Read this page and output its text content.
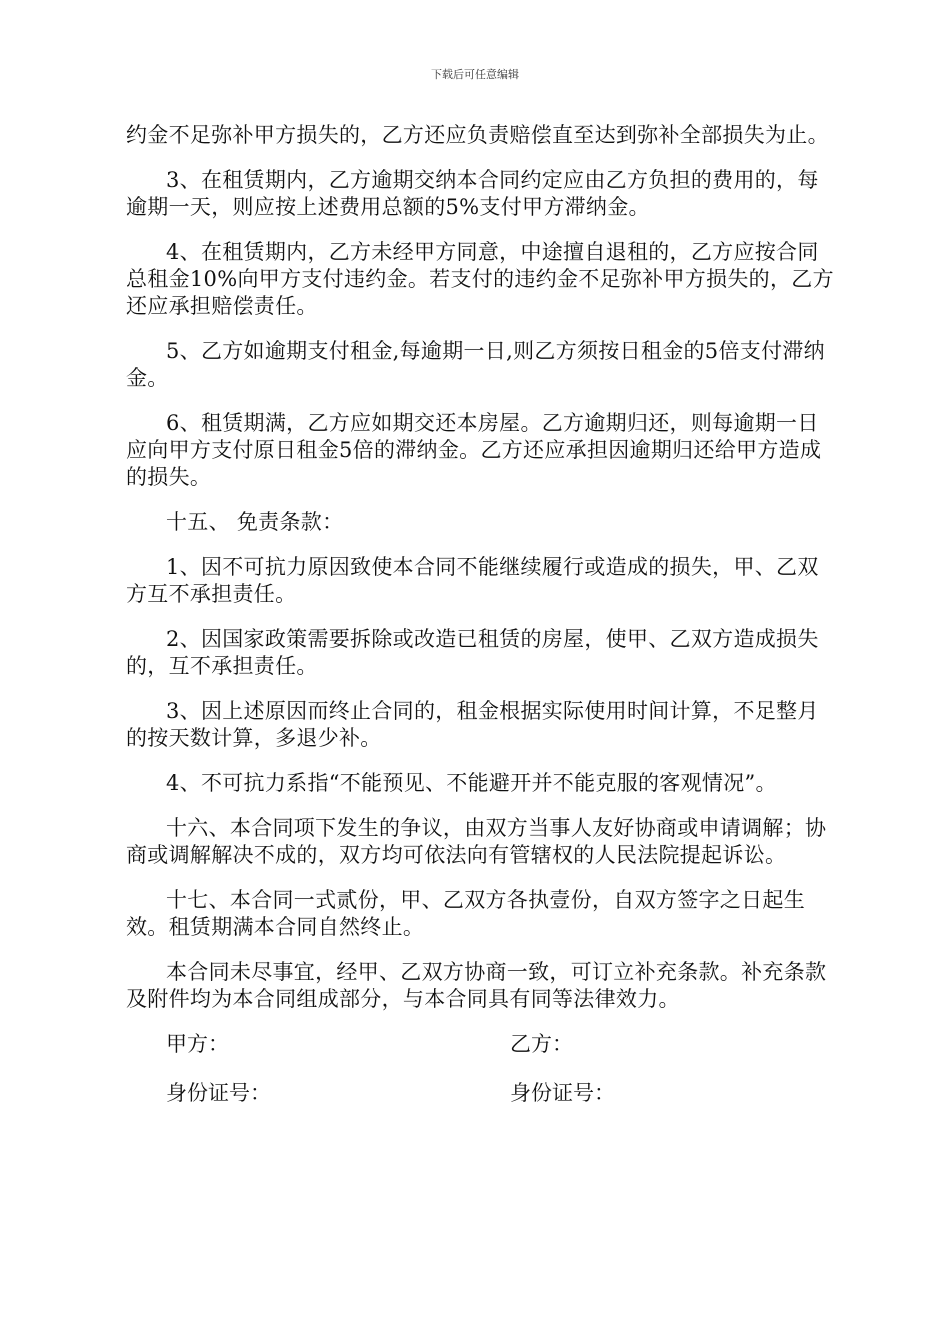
下载后可任意编辑

约金不足弥补甲方损失的，乙方还应负责赔偿直至达到弥补全部损失为止。

3、在租赁期内，乙方逾期交纳本合同约定应由乙方负担的费用的，每逾期一天，则应按上述费用总额的5%支付甲方滞纳金。

4、在租赁期内，乙方未经甲方同意，中途擅自退租的，乙方应按合同总租金10%向甲方支付违约金。若支付的违约金不足弥补甲方损失的，乙方还应承担赔偿责任。

5、乙方如逾期支付租金,每逾期一日,则乙方须按日租金的5倍支付滞纳金。

6、租赁期满，乙方应如期交还本房屋。乙方逾期归还，则每逾期一日应向甲方支付原日租金5倍的滞纳金。乙方还应承担因逾期归还给甲方造成的损失。

十五、 免责条款：

1、因不可抗力原因致使本合同不能继续履行或造成的损失，甲、乙双方互不承担责任。

2、因国家政策需要拆除或改造已租赁的房屋，使甲、乙双方造成损失的，互不承担责任。

3、因上述原因而终止合同的，租金根据实际使用时间计算，不足整月的按天数计算，多退少补。

4、不可抗力系指“不能预见、不能避开并不能克服的客观情况”。

十六、本合同项下发生的争议，由双方当事人友好协商或申请调解；协商或调解解决不成的，双方均可依法向有管辖权的人民法院提起诉讼。

十七、本合同一式贰份，甲、乙双方各执壹份，自双方签字之日起生效。租赁期满本合同自然终止。

本合同未尽事宜，经甲、乙双方协商一致，可订立补充条款。补充条款及附件均为本合同组成部分，与本合同具有同等法律效力。

甲方：	乙方：
身份证号：	身份证号：
